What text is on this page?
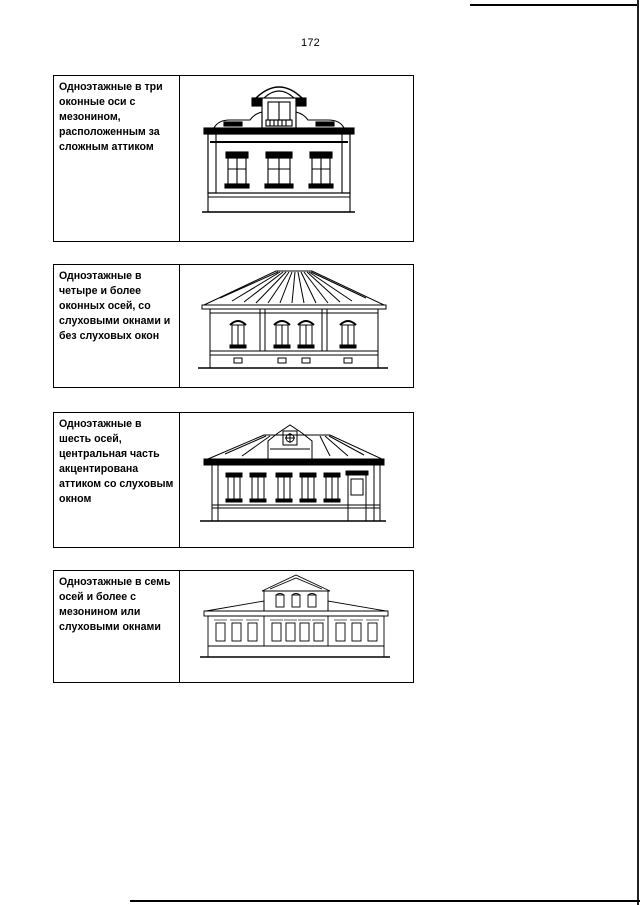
172
Одноэтажные в три оконные оси с мезонином, расположенным за сложным аттиком
Одноэтажные в четыре и более оконных осей, со слуховыми окнами и без слуховых окон
Одноэтажные в шесть осей, центральная часть акцентирована аттиком со слуховым окном
Одноэтажные в семь осей и более с мезонином или слуховыми окнами
